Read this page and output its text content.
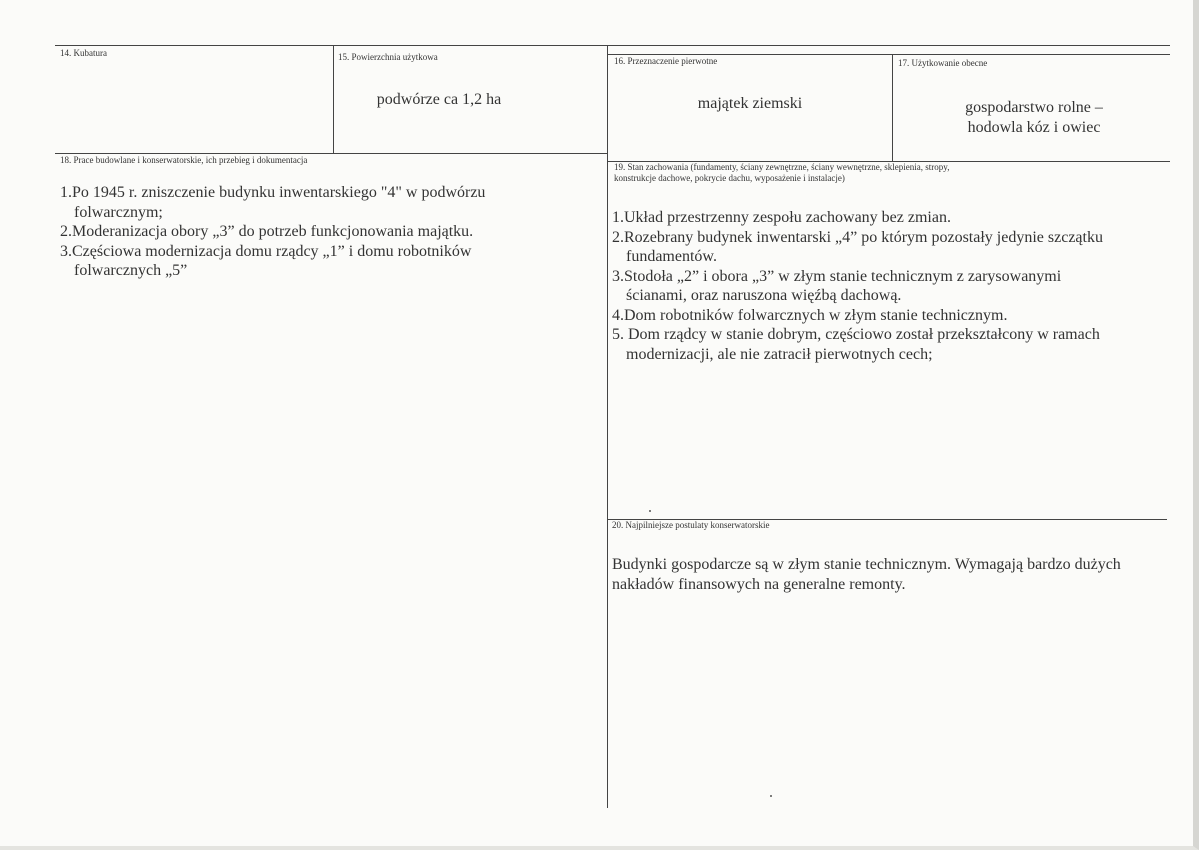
14. Kubatura	15. Powierzchnia użytkowa
podwórze ca 1,2 ha
16. Przeznaczenie pierwotne
majątek ziemski
17. Użytkowanie obecne
gospodarstwo rolne –
hodowla kóz i owiec
18. Prace budowlane i konserwatorskie, ich przebieg i dokumentacja

1.Po 1945 r. zniszczenie budynku inwentarskiego "4" w podwórzu
folwarcznym;

2.Moderanizacja obory „3” do potrzeb funkcjonowania majątku.

3.Częściowa modernizacja domu rządcy „1” i domu robotników
folwarcznych „5”

19. Stan zachowania (fundamenty, ściany zewnętrzne, ściany wewnętrzne, sklepienia, stropy,
konstrukcje dachowe, pokrycie dachu, wyposażenie i instalacje)

1.Układ przestrzenny zespołu zachowany bez zmian.

2.Rozebrany budynek inwentarski „4” po którym pozostały jedynie szczątku
fundamentów.

3.Stodoła „2” i obora „3” w złym stanie technicznym z zarysowanymi
ścianami, oraz naruszona więźbą dachową.

4.Dom robotników folwarcznych w złym stanie technicznym.

5. Dom rządcy w stanie dobrym, częściowo został przekształcony w ramach
modernizacji, ale nie zatracił pierwotnych cech;

20. Najpilniejsze postulaty konserwatorskie
Budynki gospodarcze są w złym stanie technicznym. Wymagają bardzo dużych
nakładów finansowych na generalne remonty.
